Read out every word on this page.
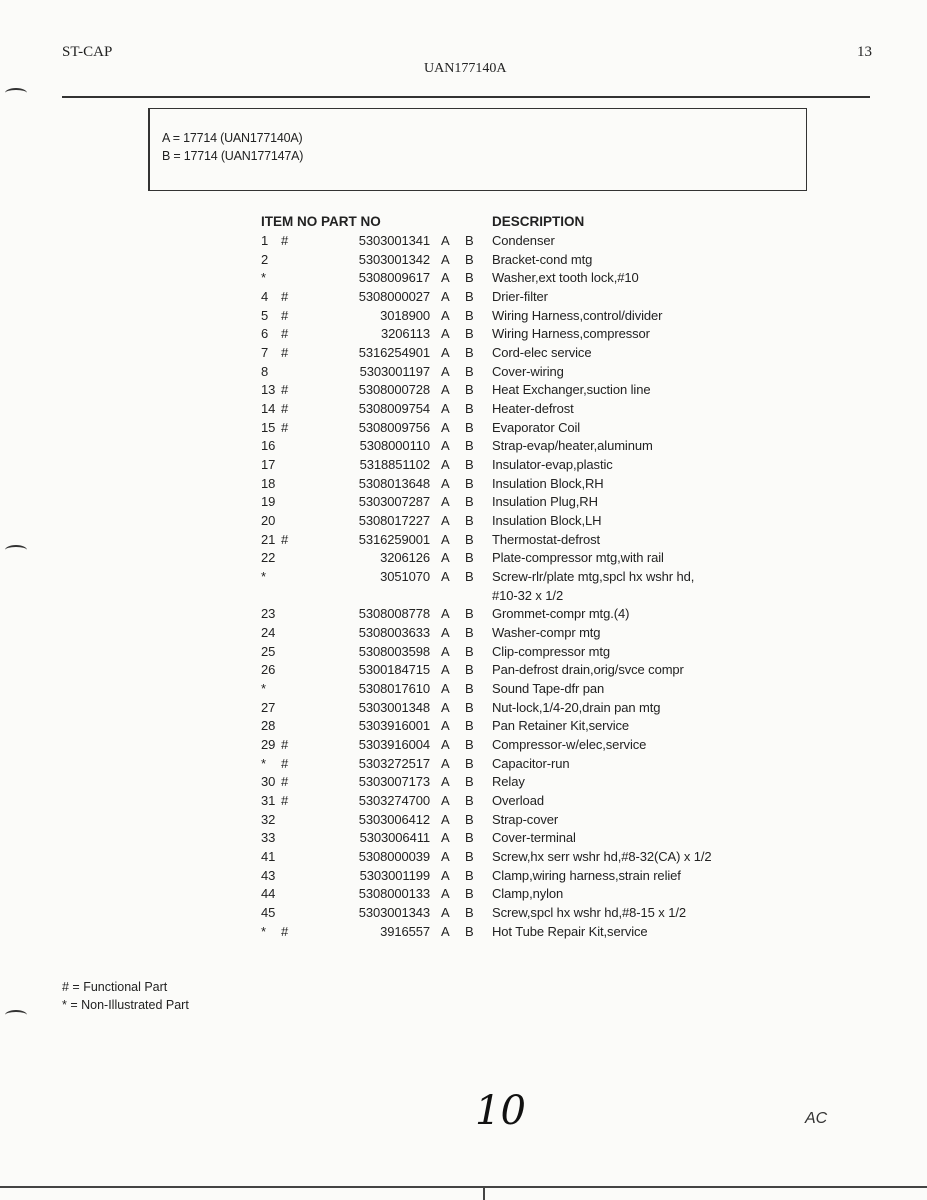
ST-CAP
UAN177140A
13
A = 17714 (UAN177140A)
B = 17714 (UAN177147A)
ITEM NO PART NO	DESCRIPTION
1 #	5303001341 A B Condenser
2	5303001342 A B Bracket-cond mtg
*	5308009617 A B Washer,ext tooth lock,#10
4 #	5308000027 A B Drier-filter
5 #	3018900 A B Wiring Harness,control/divider
6 #	3206113 A B Wiring Harness,compressor
7 #	5316254901 A B Cord-elec service
8	5303001197 A B Cover-wiring
13 #	5308000728 A B Heat Exchanger,suction line
14 #	5308009754 A B Heater-defrost
15 #	5308009756 A B Evaporator Coil
16	5308000110 A B Strap-evap/heater,aluminum
17	5318851102 A B Insulator-evap,plastic
18	5308013648 A B Insulation Block,RH
19	5303007287 A B Insulation Plug,RH
20	5308017227 A B Insulation Block,LH
21 #	5316259001 A B Thermostat-defrost
22	3206126 A B Plate-compressor mtg,with rail
*	3051070 A B Screw-rlr/plate mtg,spcl hx wshr hd,
#10-32 x 1/2
23	5308008778 A B Grommet-compr mtg.(4)
24	5308003633 A B Washer-compr mtg
25	5308003598 A B Clip-compressor mtg
26	5300184715 A B Pan-defrost drain,orig/svce compr
*	5308017610 A B Sound Tape-dfr pan
27	5303001348 A B Nut-lock,1/4-20,drain pan mtg
28	5303916001 A B Pan Retainer Kit,service
29 #	5303916004 A B Compressor-w/elec,service
* #	5303272517 A B Capacitor-run
30 #	5303007173 A B Relay
31 #	5303274700 A B Overload
32	5303006412 A B Strap-cover
33	5303006411 A B Cover-terminal
41	5308000039 A B Screw,hx serr wshr hd,#8-32(CA) x 1/2
43	5303001199 A B Clamp,wiring harness,strain relief
44	5308000133 A B Clamp,nylon
45	5303001343 A B Screw,spcl hx wshr hd,#8-15 x 1/2
* #	3916557 A B Hot Tube Repair Kit,service
# = Functional Part
* = Non-Illustrated Part
10	AC
